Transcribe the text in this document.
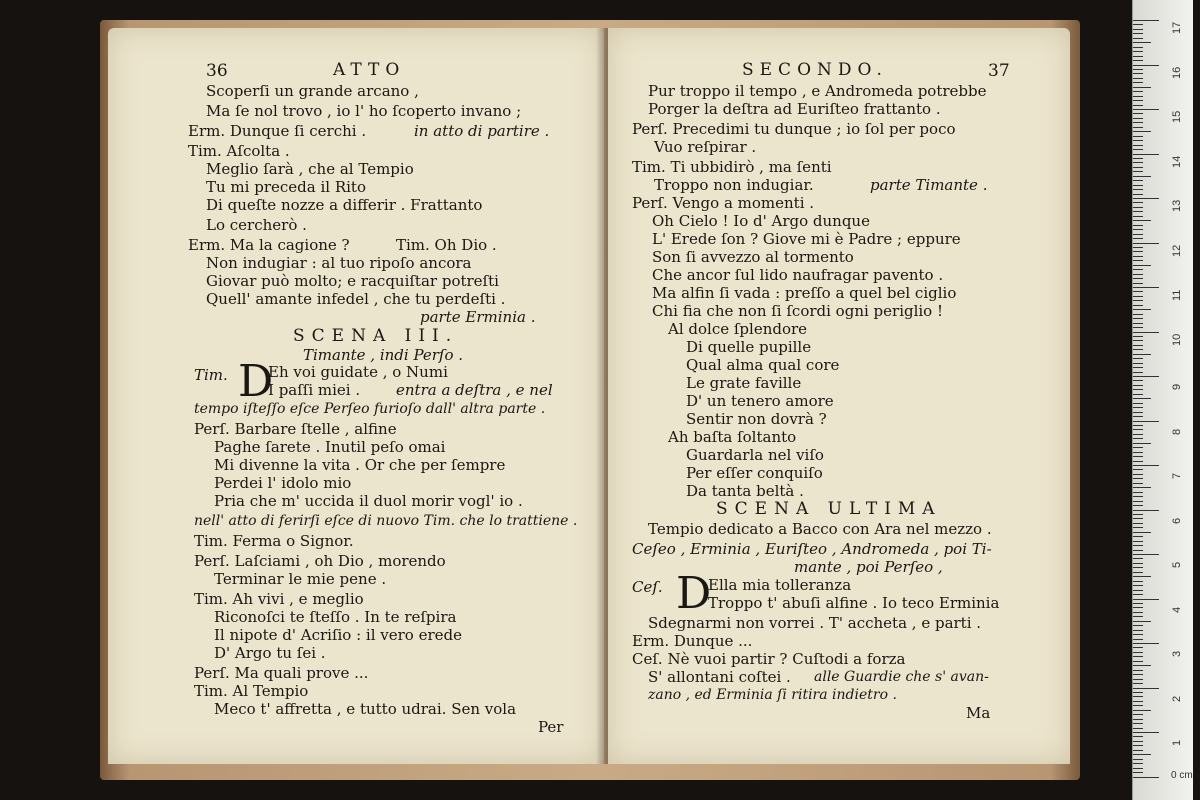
36	ATTO
Scoperſi un grande arcano ,
Ma ſe nol trovo , io l' ho ſcoperto invano ;
Erm. Dunque ſi cerchi .	in atto di partire .
Tim. Aſcolta .
Meglio ſarà , che al Tempio
Tu mi preceda il Rito
Di queſte nozze a differir . Frattanto
Lo cercherò .
Erm. Ma la cagione ?	Tim. Oh Dio .
Non indugiar : al tuo ripoſo ancora
Giovar può molto; e racquiſtar potreſti
Quell' amante infedel , che tu perdeſti .
parte Erminia .
SCENA III.
Timante , indi Perſo .
Tim. D
Eh voi guidate , o Numi
I paſſi miei . entra a deſtra , e nel
tempo iſteſſo eſce Perſeo furioſo dall' altra parte .
Perſ. Barbare ſtelle , alfine
Paghe ſarete . Inutil peſo omai
Mi divenne la vita . Or che per ſempre
Perdei l' idolo mio
Pria che m' uccida il duol morir vogl' io .
nell' atto di ferirſi eſce di nuovo Tim. che lo trattiene .
Tim. Ferma o Signor.
Perſ. Laſciami , oh Dio , morendo
Terminar le mie pene .
Tim. Ah vivi , e meglio
Riconoſci te ſteſſo . In te reſpira
Il nipote d' Acriſio : il vero erede
D' Argo tu ſei .
Perſ. Ma quali prove ...
Tim. Al Tempio
Meco t' affretta , e tutto udrai. Sen vola
Per
SECONDO.	37
Pur troppo il tempo , e Andromeda potrebbe
Porger la deſtra ad Euriſteo frattanto .
Perſ. Precedimi tu dunque ; io ſol per poco
Vuo reſpirar .
Tim. Ti ubbidirò , ma ſenti
Troppo non indugiar.	parte Timante .
Perſ. Vengo a momenti .
Oh Cielo ! Io d' Argo dunque
L' Erede ſon ? Giove mi è Padre ; eppure
Son ſi avvezzo al tormento
Che ancor ſul lido naufragar pavento .
Ma alfin ſi vada : preſſo a quel bel ciglio
Chi fia che non ſi ſcordi ogni periglio !
Al dolce ſplendore
Di quelle pupille
Qual alma qual core
Le grate faville
D' un tenero amore
Sentir non dovrà ?
Ah baſta ſoltanto
Guardarla nel viſo
Per eſſer conquiſo
Da tanta beltà .
SCENA ULTIMA
Tempio dedicato a Bacco con Ara nel mezzo .
Ceſeo , Erminia , Euriſteo , Andromeda , poi Ti-
mante , poi Perſeo ,
Ceſ. D
Ella mia tolleranza
Troppo t' abuſi alfine . Io teco Erminia
Sdegnarmi non vorrei . T' accheta , e parti .
Erm. Dunque ...
Ceſ. Nè vuoi partir ? Cuſtodi a forza
S' allontani coſtei . alle Guardie che s' avan-
zano , ed Erminia ſi ritira indietro .
Ma
0 cm
17
16
15
14
13
12
11
10
9
8
7
6
5
4
3
2
1
